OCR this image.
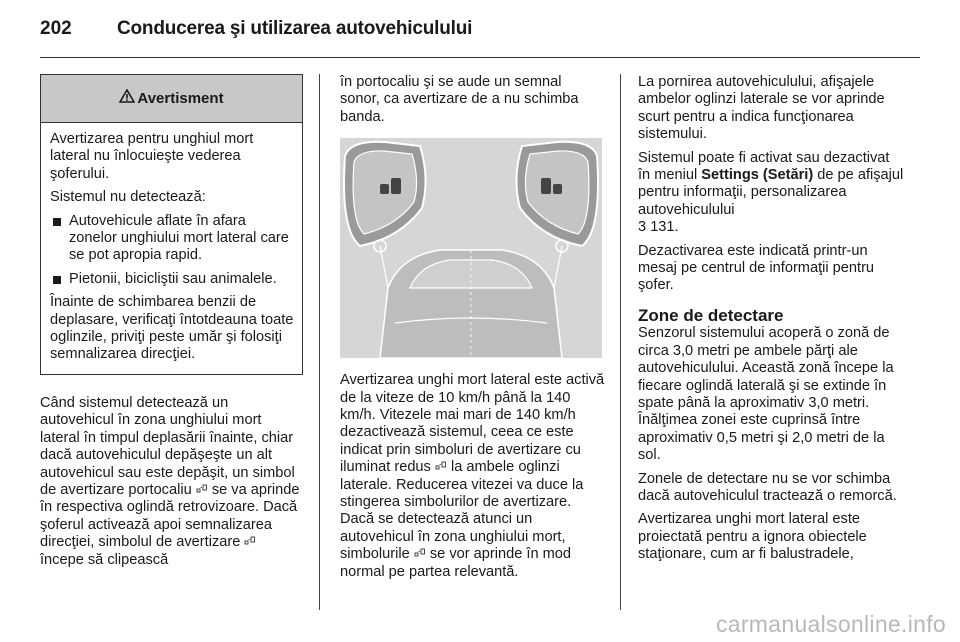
202 Conducerea şi utilizarea autovehiculului
Avertisment

Avertizarea pentru unghiul mort lateral nu înlocuieşte vederea şoferului.

Sistemul nu detectează:

Autovehicule aflate în afara zonelor unghiului mort lateral care se pot apropia rapid.
Pietonii, bicicliştii sau animalele.

Înainte de schimbarea benzii de deplasare, verificaţi întotdeauna toate oglinzile, priviţi peste umăr şi folosiţi semnalizarea direcţiei.

Când sistemul detectează un autovehicul în zona unghiului mort lateral în timpul deplasării înainte, chiar dacă autovehiculul depăşeşte un alt autovehicul sau este depăşit, un simbol de avertizare portocaliu se va aprinde în respectiva oglindă retrovizoare. Dacă şoferul activează apoi semnalizarea direcţiei, simbolul de avertizare  începe să clipească

în portocaliu şi se aude un semnal sonor, ca avertizare de a nu schimba banda.

Avertizarea unghi mort lateral este activă de la viteze de 10 km/h până la 140 km/h. Vitezele mai mari de 140 km/h dezactivează sistemul, ceea ce este indicat prin simboluri de avertizare cu iluminat redus la ambele oglinzi laterale. Reducerea vitezei va duce la stingerea simbolurilor de avertizare. Dacă se detectează atunci un autovehicul în zona unghiului mort, simbolurile se vor aprinde în mod normal pe partea relevantă.

La pornirea autovehiculului, afişajele ambelor oglinzi laterale se vor aprinde scurt pentru a indica funcţionarea sistemului.

Sistemul poate fi activat sau dezactivat în meniul Settings (Setări) de pe afişajul pentru informaţii, personalizarea autovehiculului
3 131.

Dezactivarea este indicată printr-un mesaj pe centrul de informaţii pentru şofer.

Zone de detectare

Senzorul sistemului acoperă o zonă de circa 3,0 metri pe ambele părţi ale autovehiculului. Această zonă începe la fiecare oglindă laterală şi se extinde în spate până la aproximativ 3,0 metri. Înălţimea zonei este cuprinsă între aproximativ 0,5 metri şi 2,0 metri de la sol.

Zonele de detectare nu se vor schimba dacă autovehiculul tractează o remorcă.

Avertizarea unghi mort lateral este proiectată pentru a ignora obiectele staţionare, cum ar fi balustradele,

carmanualsonline.info
